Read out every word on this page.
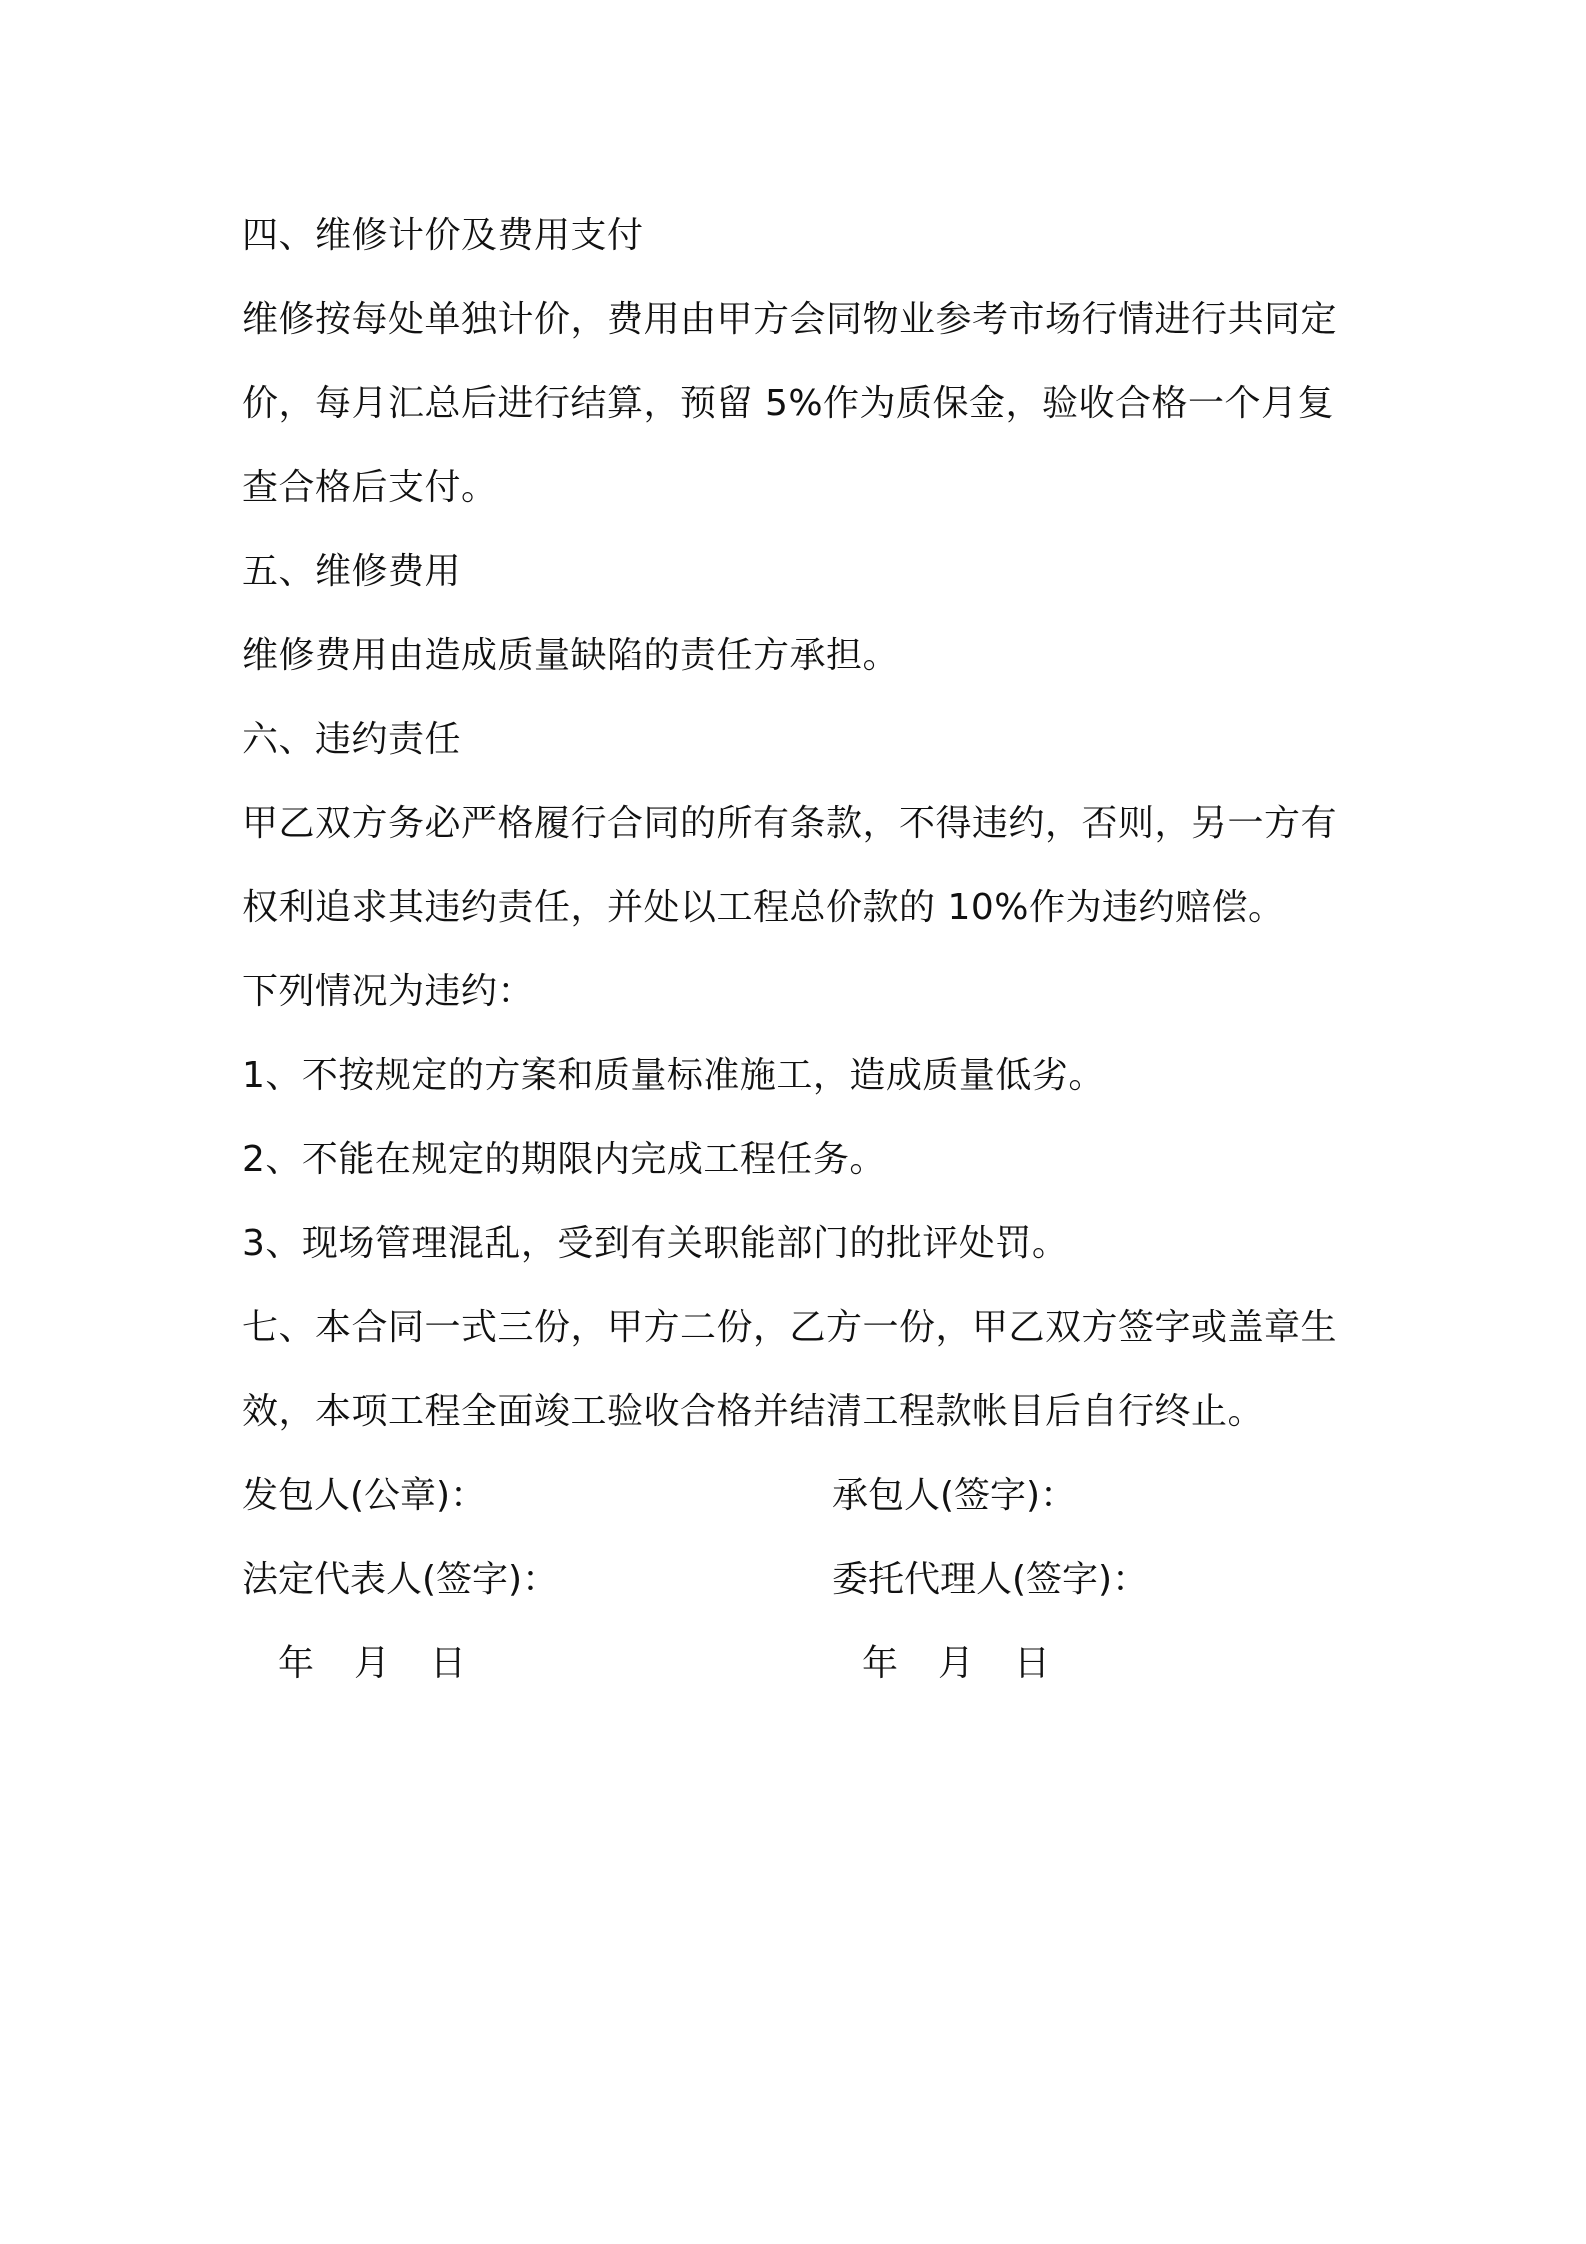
四、维修计价及费用支付
维修按每处单独计价，费用由甲方会同物业参考市场行情进行共同定
价，每月汇总后进行结算，预留 5%作为质保金，验收合格一个月复
查合格后支付。
五、维修费用
维修费用由造成质量缺陷的责任方承担。
六、违约责任
甲乙双方务必严格履行合同的所有条款，不得违约，否则，另一方有
权利追求其违约责任，并处以工程总价款的 10%作为违约赔偿。
下列情况为违约：
1、不按规定的方案和质量标准施工，造成质量低劣。
2、不能在规定的期限内完成工程任务。
3、现场管理混乱，受到有关职能部门的批评处罚。
七、本合同一式三份，甲方二份，乙方一份，甲乙双方签字或盖章生
效，本项工程全面竣工验收合格并结清工程款帐目后自行终止。
发包人(公章)：	承包人(签字)：
法定代表人(签字)：	委托代理人(签字)：
年 月 日	年 月 日
